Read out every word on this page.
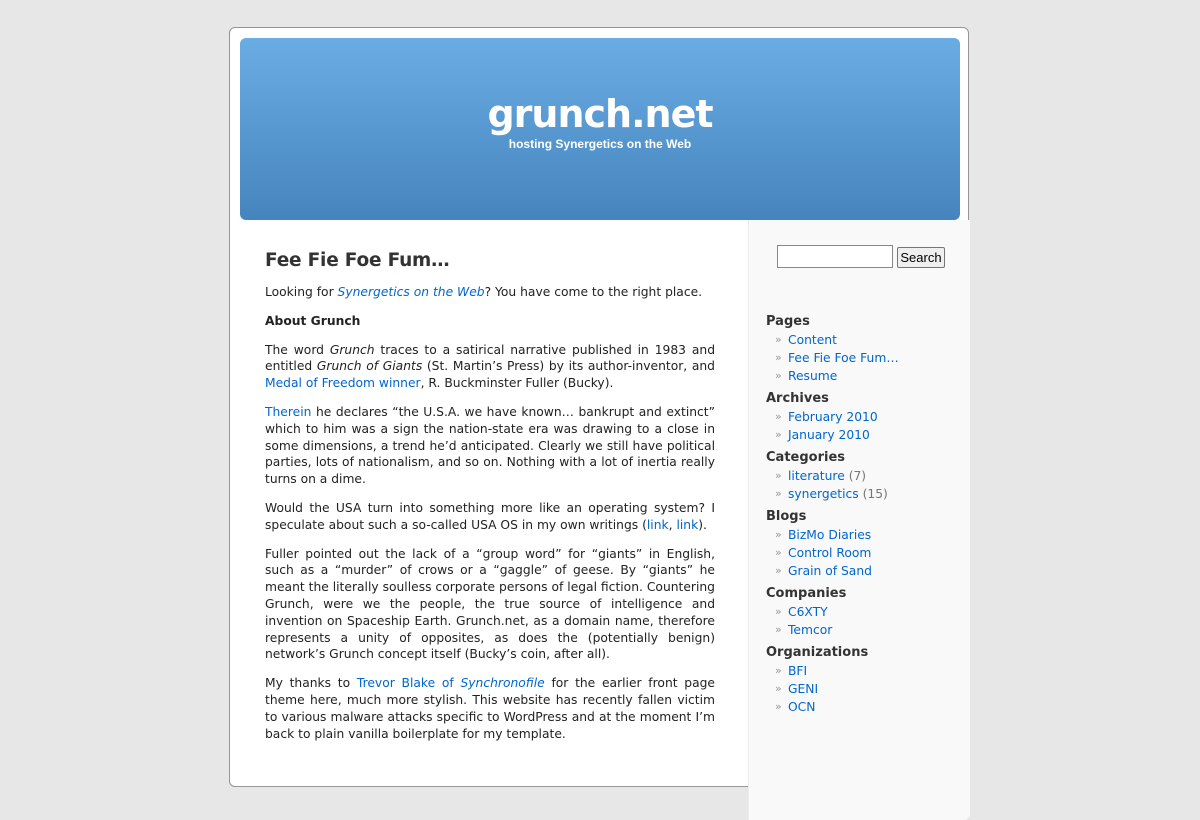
grunch.net
hosting Synergetics on the Web
Fee Fie Foe Fum…

Looking for Synergetics on the Web? You have come to the right place.

About Grunch

The word Grunch traces to a satirical narrative published in 1983 and entitled Grunch of Giants (St. Martin’s Press) by its author-inventor, and Medal of Freedom winner, R. Buckminster Fuller (Bucky).

Therein he declares “the U.S.A. we have known… bankrupt and extinct” which to him was a sign the nation-state era was drawing to a close in some dimensions, a trend he’d anticipated. Clearly we still have political parties, lots of nationalism, and so on. Nothing with a lot of inertia really turns on a dime.

Would the USA turn into something more like an operating system? I speculate about such a so-called USA OS in my own writings (link, link).

Fuller pointed out the lack of a “group word” for “giants” in English, such as a “murder” of crows or a “gaggle” of geese. By “giants” he meant the literally soulless corporate persons of legal fiction. Countering Grunch, were we the people, the true source of intelligence and invention on Spaceship Earth. Grunch.net, as a domain name, therefore represents a unity of opposites, as does the (potentially benign) network’s Grunch concept itself (Bucky’s coin, after all).

My thanks to Trevor Blake of Synchronofile for the earlier front page theme here, much more stylish. This website has recently fallen victim to various malware attacks specific to WordPress and at the moment I’m back to plain vanilla boilerplate for my template.

Search
Pages
» Content
» Fee Fie Foe Fum…
» Resume
Archives
» February 2010
» January 2010
Categories
» literature (7)
» synergetics (15)
Blogs
» BizMo Diaries
» Control Room
» Grain of Sand
Companies
» C6XTY
» Temcor
Organizations
» BFI
» GENI
» OCN
